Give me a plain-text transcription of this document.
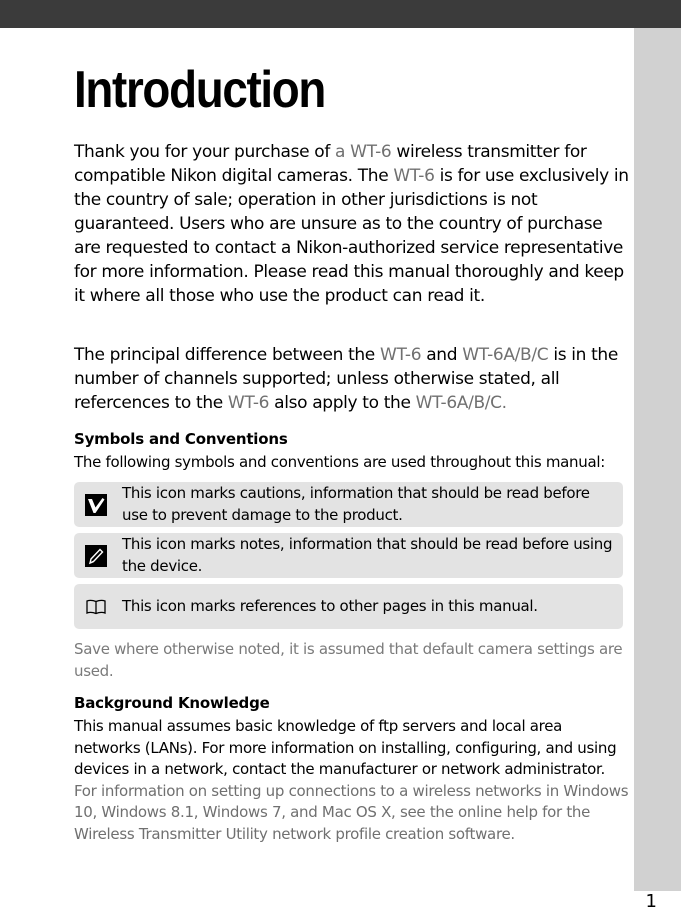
Introduction

Thank you for your purchase of a WT-6 wireless transmitter for compatible Nikon digital cameras. The WT-6 is for use exclusively in the country of sale; operation in other jurisdictions is not guaranteed. Users who are unsure as to the country of purchase are requested to contact a Nikon-authorized service representative for more information. Please read this manual thoroughly and keep it where all those who use the product can read it.

The principal difference between the WT-6 and WT-6A/B/C is in the number of channels supported; unless otherwise stated, all refercences to the WT-6 also apply to the WT-6A/B/C.

Symbols and Conventions

The following symbols and conventions are used throughout this manual:

This icon marks cautions, information that should be read before use to prevent damage to the product.
This icon marks notes, information that should be read before using the device.
This icon marks references to other pages in this manual.

Save where otherwise noted, it is assumed that default camera settings are used.

Background Knowledge

This manual assumes basic knowledge of ftp servers and local area networks (LANs). For more information on installing, configuring, and using devices in a network, contact the manufacturer or network administrator. For information on setting up connections to a wireless networks in Windows 10, Windows 8.1, Windows 7, and Mac OS X, see the online help for the Wireless Transmitter Utility network profile creation software.

1
